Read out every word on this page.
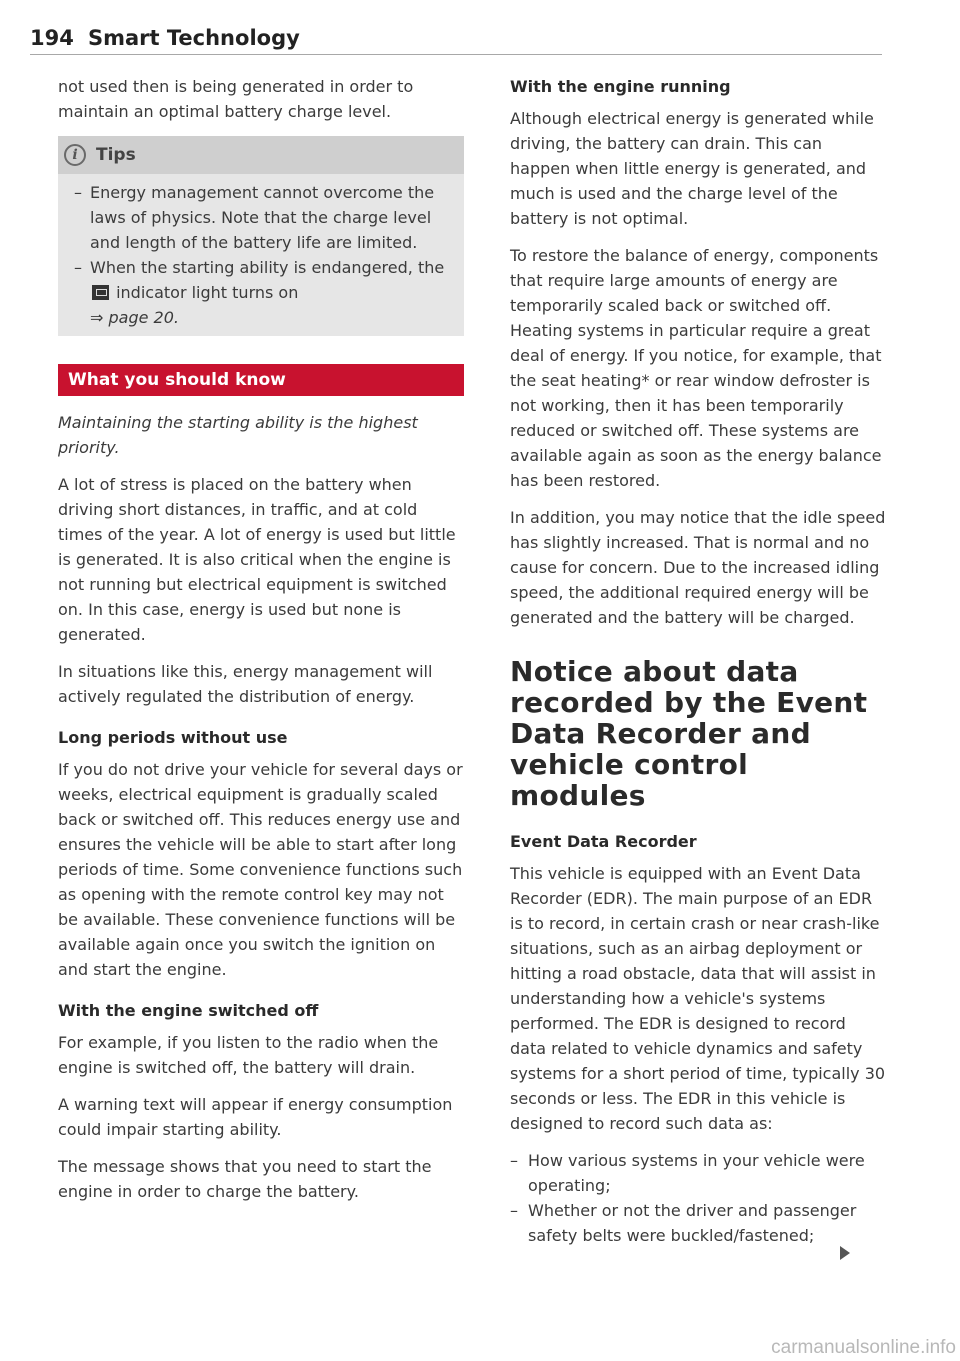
194 Smart Technology

not used then is being generated in order to maintain an optimal battery charge level.

i	Tips
– Energy management cannot overcome the laws of physics. Note that the charge level and length of the battery life are limited.
– When the starting ability is endangered, the  indicator light turns on
⇒ page 20.
What you should know

Maintaining the starting ability is the highest priority.

A lot of stress is placed on the battery when driving short distances, in traffic, and at cold times of the year. A lot of energy is used but little is generated. It is also critical when the engine is not running but electrical equipment is switched on. In this case, energy is used but none is generated.

In situations like this, energy management will actively regulated the distribution of energy.

Long periods without use

If you do not drive your vehicle for several days or weeks, electrical equipment is gradually scaled back or switched off. This reduces energy use and ensures the vehicle will be able to start after long periods of time. Some convenience functions such as opening with the remote control key may not be available. These convenience functions will be available again once you switch the ignition on and start the engine.

With the engine switched off

For example, if you listen to the radio when the engine is switched off, the battery will drain.

A warning text will appear if energy consumption could impair starting ability.

The message shows that you need to start the engine in order to charge the battery.

With the engine running

Although electrical energy is generated while driving, the battery can drain. This can happen when little energy is generated, and much is used and the charge level of the battery is not optimal.

To restore the balance of energy, components that require large amounts of energy are temporarily scaled back or switched off. Heating systems in particular require a great deal of energy. If you notice, for example, that the seat heating* or rear window defroster is not working, then it has been temporarily reduced or switched off. These systems are available again as soon as the energy balance has been restored.

In addition, you may notice that the idle speed has slightly increased. That is normal and no cause for concern. Due to the increased idling speed, the additional required energy will be generated and the battery will be charged.

Notice about data recorded by the Event Data Recorder and vehicle control modules
Event Data Recorder

This vehicle is equipped with an Event Data Recorder (EDR). The main purpose of an EDR is to record, in certain crash or near crash-like situations, such as an airbag deployment or hitting a road obstacle, data that will assist in understanding how a vehicle's systems performed. The EDR is designed to record data related to vehicle dynamics and safety systems for a short period of time, typically 30 seconds or less. The EDR in this vehicle is designed to record such data as:

– How various systems in your vehicle were operating;
– Whether or not the driver and passenger safety belts were buckled/fastened;
carmanualsonline.info
